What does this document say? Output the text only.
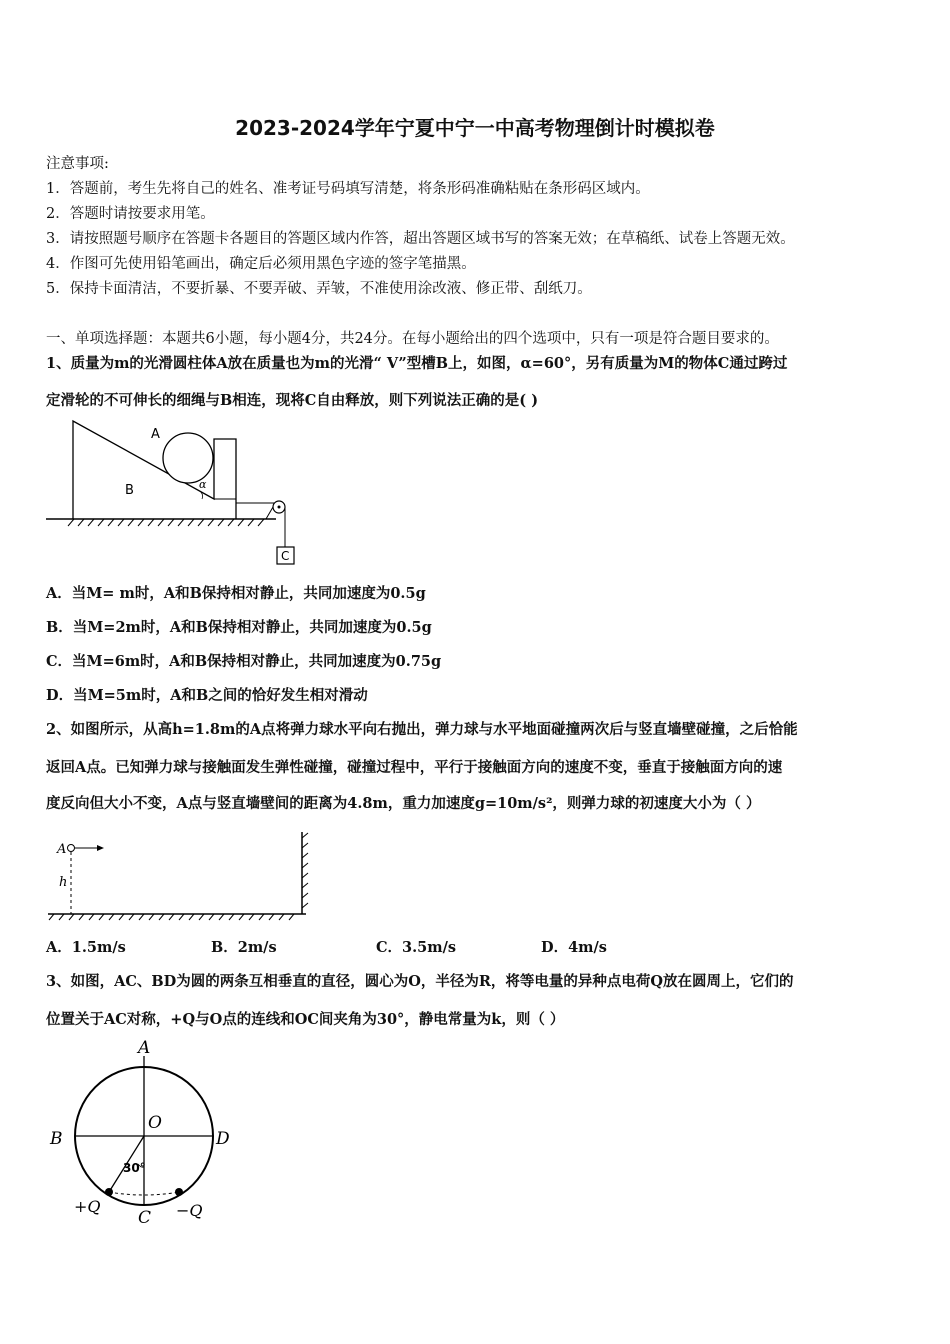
2023-2024学年宁夏中宁一中高考物理倒计时模拟卷
注意事项:
1．答题前，考生先将自己的姓名、准考证号码填写清楚，将条形码准确粘贴在条形码区域内。
2．答题时请按要求用笔。
3．请按照题号顺序在答题卡各题目的答题区域内作答，超出答题区域书写的答案无效；在草稿纸、试卷上答题无效。
4．作图可先使用铅笔画出，确定后必须用黑色字迹的签字笔描黑。
5．保持卡面清洁，不要折暴、不要弄破、弄皱，不准使用涂改液、修正带、刮纸刀。
一、单项选择题：本题共6小题，每小题4分，共24分。在每小题给出的四个选项中，只有一项是符合题目要求的。
1、质量为m的光滑圆柱体A放在质量也为m的光滑“ V”型槽B上，如图，α=60°，另有质量为M的物体C通过跨过
定滑轮的不可伸长的细绳与B相连，现将C自由释放，则下列说法正确的是( )
A
B	α
C
A．当M= m时，A和B保持相对静止，共同加速度为0.5g
B．当M=2m时，A和B保持相对静止，共同加速度为0.5g
C．当M=6m时，A和B保持相对静止，共同加速度为0.75g
D．当M=5m时，A和B之间的恰好发生相对滑动
2、如图所示，从高h=1.8m的A点将弹力球水平向右抛出，弹力球与水平地面碰撞两次后与竖直墙壁碰撞，之后恰能
返回A点。已知弹力球与接触面发生弹性碰撞，碰撞过程中，平行于接触面方向的速度不变，垂直于接触面方向的速
度反向但大小不变，A点与竖直墙壁间的距离为4.8m，重力加速度g=10m/s²，则弹力球的初速度大小为（ ）
A
h
A．1.5m/s	B．2m/s	C．3.5m/s	D．4m/s
3、如图，AC、BD为圆的两条互相垂直的直径，圆心为O，半径为R，将等电量的异种点电荷Q放在圆周上，它们的
位置关于AC对称，+Q与O点的连线和OC间夹角为30°，静电常量为k，则（ ）
A
B	D
O
C
30°
+Q	−Q
